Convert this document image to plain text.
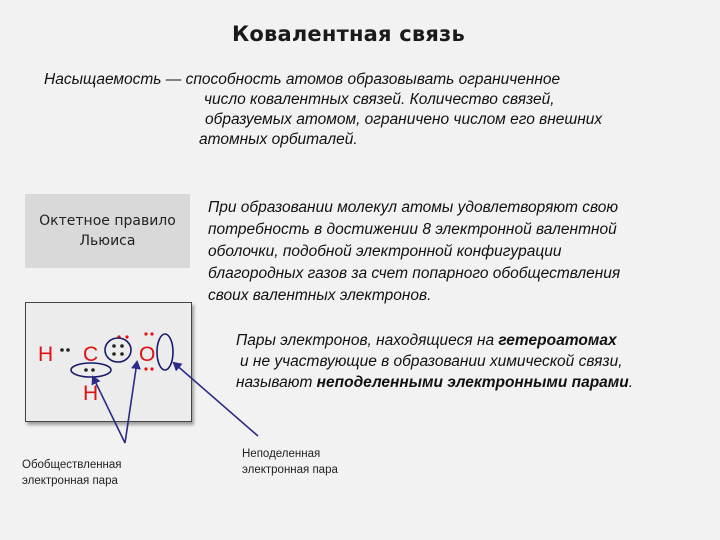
Ковалентная связь
Насыщаемость — способность атомов образовывать ограниченное
число ковалентных связей. Количество связей,
образуемых атомом, ограничено числом его внешних
атомных орбиталей.
Октетное правило
Льюиса
При образовании молекул атомы удовлетворяют свою
потребность в достижении 8 электронной валентной
оболочки, подобной электронной конфигурации
благородных газов за счет попарного обобществления
своих валентных электронов.
Пары электронов, находящиеся на гетероатомах
и не участвующие в образовании химической связи,
называют неподеленными электронными парами.
H C O
H
Обобществленная
электронная пара
Неподеленная
электронная пара
